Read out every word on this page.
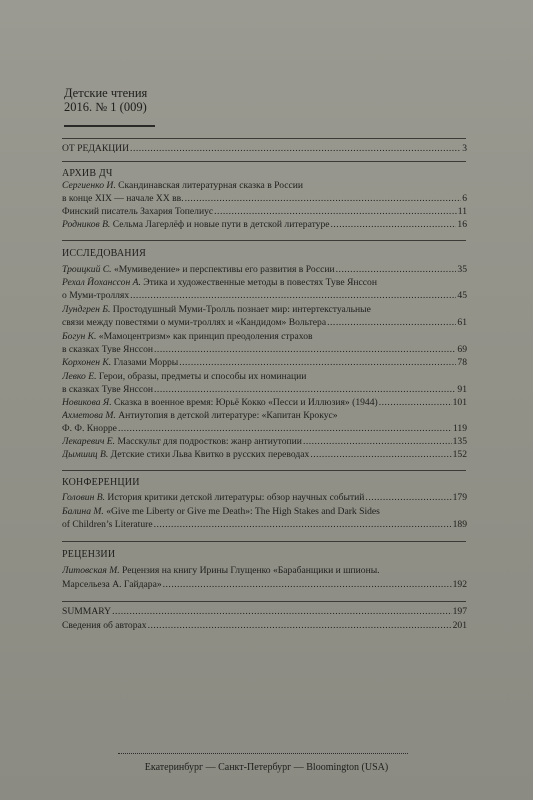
Детские чтения
2016. № 1 (009)
ОТ РЕДАКЦИИ .....	3
АРХИВ ДЧ
Сергиенко И. Скандинавская литературная сказка в России
в конце XIX — начале XX вв. .....	6
Финский писатель Захария Топелиус .....	11
Родников В. Сельма Лагерлёф и новые пути в детской литературе .....	16
ИССЛЕДОВАНИЯ
Троицкий С. «Мумиведение» и перспективы его развития в России .....	35
Рехал Йоханссон А. Этика и художественные методы в повестях Туве Янссон
о Муми-троллях .....	45
Лундгрен Б. Простодушный Муми-Тролль познает мир: интертекстуальные
связи между повестями о муми-троллях и «Кандидом» Вольтера .....	61
Богун К. «Мамоцентризм» как принцип преодоления страхов
в сказках Туве Янссон .....	69
Корхонен К. Глазами Морры .....	78
Левко Е. Герои, образы, предметы и способы их номинации
в сказках Туве Янссон .....	91
Новикова Я. Сказка в военное время: Юрьё Кокко «Песси и Иллюзия» (1944) .....	101
Ахметова М. Антиутопия в детской литературе: «Капитан Крокус»
Ф. Ф. Кнорре .....	119
Лекаревич Е. Масскульт для подростков: жанр антиутопии .....	135
Дымшиц В. Детские стихи Льва Квитко в русских переводах .....	152
КОНФЕРЕНЦИИ
Головин В. История критики детской литературы: обзор научных событий .....	179
Балина М. «Give me Liberty or Give me Death»: The High Stakes and Dark Sides
of Children’s Literature .....	189
РЕЦЕНЗИИ
Литовская М. Рецензия на книгу Ирины Глущенко «Барабанщики и шпионы.
Марсельеза А. Гайдара» .....	192
SUMMARY .....	197
Сведения об авторах .....	201
Екатеринбург — Санкт-Петербург — Bloomington (USA)
